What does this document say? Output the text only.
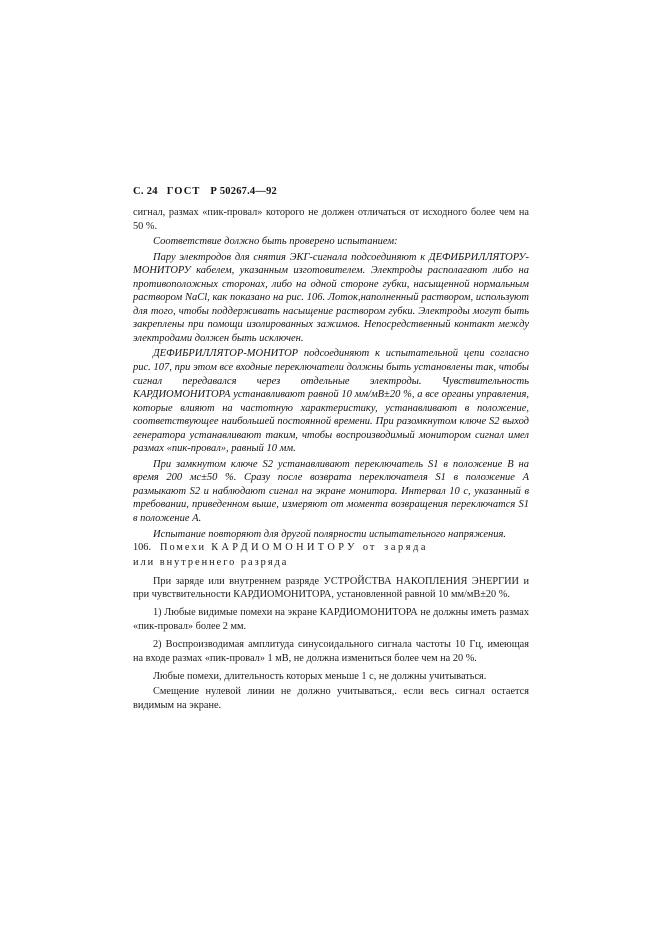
С. 24 ГОСТ Р 50267.4—92

сигнал, размах «пик-провал» которого не должен отличаться от исходного более чем на 50 %.

Соответствие должно быть проверено испытанием:

Пару электродов для снятия ЭКГ-сигнала подсоединяют к ДЕФИБРИЛЛЯТОРУ-МОНИТОРУ кабелем, указанным изготовителем. Электроды располагают либо на противоположных сторонах, либо на одной стороне губки, насыщенной нормальным раствором NaCl, как показано на рис. 106. Лоток,наполненный раствором, используют для того, чтобы поддерживать насыщение раствором губки. Электроды могут быть закреплены при помощи изолированных зажимов. Непосредственный контакт между электродами должен быть исключен.

ДЕФИБРИЛЛЯТОР-МОНИТОР подсоединяют к испытательной цепи согласно рис. 107, при этом все входные переключатели должны быть установлены так, чтобы сигнал передавался через отдельные электроды. Чувствительность КАРДИОМОНИТОРА устанавливают равной 10 мм/мВ±20 %, а все органы управления, которые влияют на частотную характеристику, устанавливают в положение, соответствующее наибольшей постоянной времени. При разомкнутом ключе S2 выход генератора устанавливают таким, чтобы воспроизводимый монитором сигнал имел размах «пик-провал», равный 10 мм.

При замкнутом ключе S2 устанавливают переключатель S1 в положение В на время 200 мс±50 %. Сразу после возврата переключателя S1 в положение А размыкают S2 и наблюдают сигнал на экране монитора. Интервал 10 с, указанный в требовании, приведенном выше, измеряют от момента возвращения переключатся S1 в положение А.

Испытание повторяют для другой полярности испытательного напряжения.

106. Помехи КАРДИОМОНИТОРУ от заряда
или внутреннего разряда

При заряде или внутреннем разряде УСТРОЙСТВА НАКОПЛЕНИЯ ЭНЕРГИИ и при чувствительности КАРДИОМОНИТОРА, установленной равной 10 мм/мВ±20 %.

1) Любые видимые помехи на экране КАРДИОМОНИТОРА не должны иметь размах «пик-провал» более 2 мм.

2) Воспроизводимая амплитуда синусоидального сигнала частоты 10 Гц, имеющая на входе размах «пик-провал» 1 мВ, не должна измениться более чем на 20 %.

Любые помехи, длительность которых меньше 1 с, не должны учитываться.

Смещение нулевой линии не должно учитываться,. если весь сигнал остается видимым на экране.
